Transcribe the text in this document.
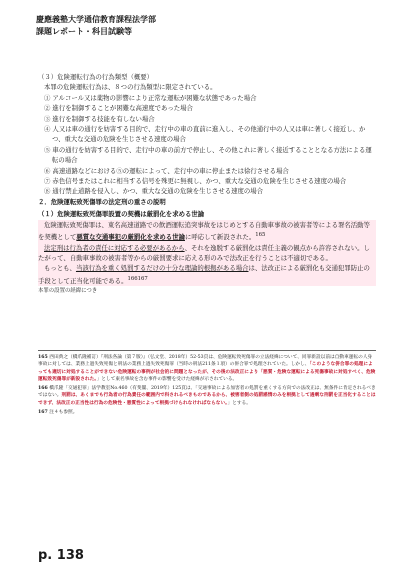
慶應義塾大学通信教育課程法学部
課題レポート・科目試験等

（３）危険運転行為の行為類型（概要）

本罪の危険運転行為は、８つの行為類型に限定されている。

① アルコール又は薬物の影響により正常な運転が困難な状態であった場合

② 進行を制御することが困難な高速度であった場合

③ 進行を制御する技能を有しない場合

④ 人又は車の通行を妨害する目的で、走行中の車の直前に進入し、その他通行中の人又は車に著しく接近し、かつ、重大な交通の危険を生じさせる速度の場合

⑤ 車の通行を妨害する目的で、走行中の車の前方で停止し、その他これに著しく接近することとなる方法による運転の場合

⑥ 高速道路などにおける⑤の運転によって、走行中の車に停止または徐行させる場合

⑦ 赤色信号またはこれに相当する信号を殊更に無視し、かつ、重大な交通の危険を生じさせる速度の場合

⑧ 通行禁止道路を侵入し、かつ、重大な交通の危険を生じさせる速度の場合

２．危険運転致死傷罪の法定刑の重さの説明

（１）危険運転致死傷罪設置の契機は厳罰化を求める世論

危険運転致死傷罪は、東名高速道路での飲酒運転追突事故をはじめとする自動車事故の被害者等による署名活動等を契機として悪質な交通事犯の厳罰化を求める世論に呼応して新設された。$^{165}$

法定刑は行為者の責任に対応する必要があるから、それを逸脱する厳罰化は責任主義の観点から許容されない。したがって、自動車事故の被害者等からの厳罰要求に応える形のみで法改正を行うことは不適切である。

もっとも、当該行為を重く処罰するだけの十分な理論的根拠がある場合は、法改正による厳罰化も交通犯罪防止の手段として正当化可能である。$^{166167}$

本罪の設置の経緯につき

165 西田典之（橋爪隆補訂）『刑法各論（第７版）』（弘文堂、2018年）52-53頁は、危険運転致死傷罪の立法経緯について、同罪新設以前は自動車運転の人身事故に対しては、業務上過失致死傷と刑法の業務上過失致死傷罪（当時の刑法211条１項）の併合罪で処理されていた。しかし、「このような併合罪の処理によっても適切に対処することができない危険運転の事例が社会的に問題となったが、その後の法改正により「悪質・危険な運転による死傷事故に対処すべく、危険運転致死傷罪が新設された。」として東名事故を含む事件の影響を受けた経緯が示されている。

166 橋爪隆「交通犯罪」法学教室No.460（有斐閣、2019年）125頁は、「交通事故による加害者の処罰を重くする方向での法改正は、無条件に肯定されるべきではない。刑罰は、あくまでも行為者の行為責任の範囲内で科されるべきものであるから、被害者側の処罰感情のみを根拠として過剰な刑罰を正当化することはできず、法改正の正当性は行為の危険性・悪質性によって根拠づけられなければならない。」とする。

167 注４も参照。

p. 138
